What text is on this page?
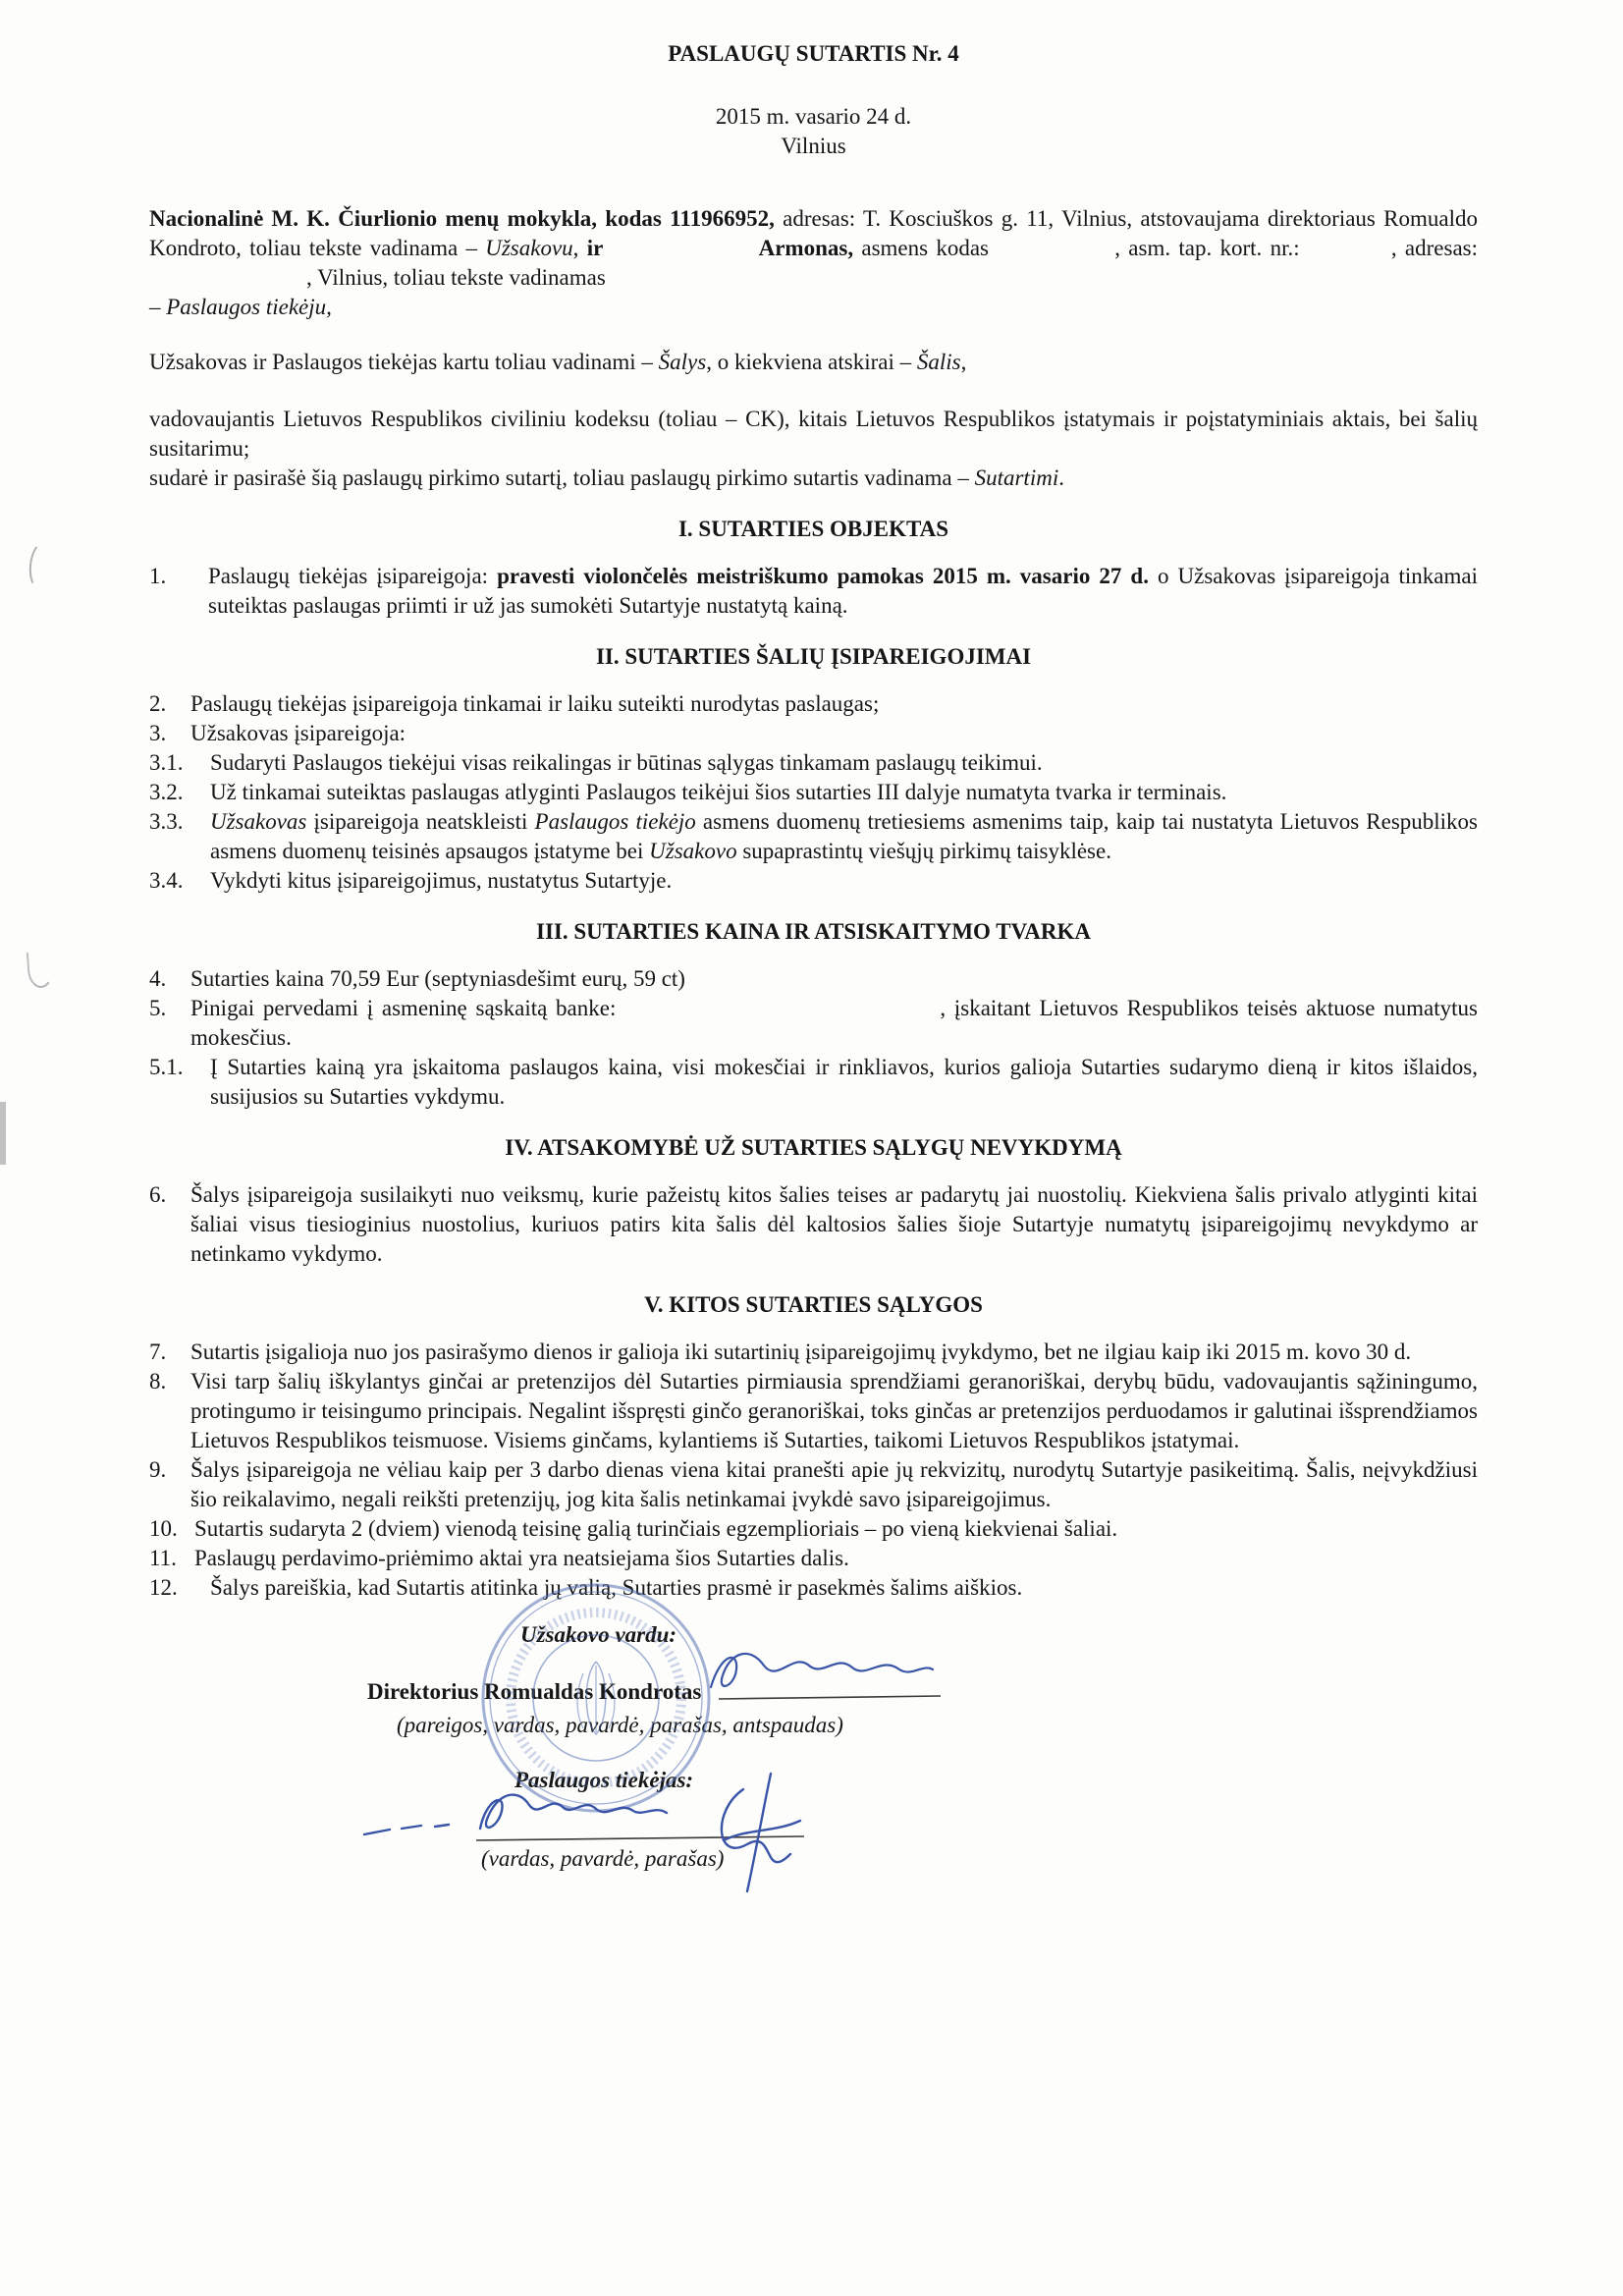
PASLAUGŲ SUTARTIS Nr. 4
2015 m. vasario 24 d.
Vilnius

Nacionalinė M. K. Čiurlionio menų mokykla, kodas 111966952, adresas: T. Kosciuškos g. 11, Vilnius, atstovaujama direktoriaus Romualdo Kondroto, toliau tekste vadinama – Užsakovu, ir	Armonas, asmens kodas	, asm. tap. kort. nr.:	, adresas: , Vilnius, toliau tekste vadinamas
– Paslaugos tiekėju,

Užsakovas ir Paslaugos tiekėjas kartu toliau vadinami – Šalys, o kiekviena atskirai – Šalis,

vadovaujantis Lietuvos Respublikos civiliniu kodeksu (toliau – CK), kitais Lietuvos Respublikos įstatymais ir poįstatyminiais aktais, bei šalių susitarimu;
sudarė ir pasirašė šią paslaugų pirkimo sutartį, toliau paslaugų pirkimo sutartis vadinama – Sutartimi.

I. SUTARTIES OBJEKTAS
1. Paslaugų tiekėjas įsipareigoja: pravesti violončelės meistriškumo pamokas 2015 m. vasario 27 d. o Užsakovas įsipareigoja tinkamai suteiktas paslaugas priimti ir už jas sumokėti Sutartyje nustatytą kainą.
II. SUTARTIES ŠALIŲ ĮSIPAREIGOJIMAI
2. Paslaugų tiekėjas įsipareigoja tinkamai ir laiku suteikti nurodytas paslaugas;
3. Užsakovas įsipareigoja:
3.1. Sudaryti Paslaugos tiekėjui visas reikalingas ir būtinas sąlygas tinkamam paslaugų teikimui.
3.2. Už tinkamai suteiktas paslaugas atlyginti Paslaugos teikėjui šios sutarties III dalyje numatyta tvarka ir terminais.
3.3. Užsakovas įsipareigoja neatskleisti Paslaugos tiekėjo asmens duomenų tretiesiems asmenims taip, kaip tai nustatyta Lietuvos Respublikos asmens duomenų teisinės apsaugos įstatyme bei Užsakovo supaprastintų viešųjų pirkimų taisyklėse.
3.4. Vykdyti kitus įsipareigojimus, nustatytus Sutartyje.
III. SUTARTIES KAINA IR ATSISKAITYMO TVARKA
4. Sutarties kaina 70,59 Eur (septyniasdešimt eurų, 59 ct)
5. Pinigai pervedami į asmeninę sąskaitą banke:	, įskaitant Lietuvos Respublikos teisės aktuose numatytus mokesčius.
5.1. Į Sutarties kainą yra įskaitoma paslaugos kaina, visi mokesčiai ir rinkliavos, kurios galioja Sutarties sudarymo dieną ir kitos išlaidos, susijusios su Sutarties vykdymu.
IV. ATSAKOMYBĖ UŽ SUTARTIES SĄLYGŲ NEVYKDYMĄ
6. Šalys įsipareigoja susilaikyti nuo veiksmų, kurie pažeistų kitos šalies teises ar padarytų jai nuostolių. Kiekviena šalis privalo atlyginti kitai šaliai visus tiesioginius nuostolius, kuriuos patirs kita šalis dėl kaltosios šalies šioje Sutartyje numatytų įsipareigojimų nevykdymo ar netinkamo vykdymo.
V. KITOS SUTARTIES SĄLYGOS
7. Sutartis įsigalioja nuo jos pasirašymo dienos ir galioja iki sutartinių įsipareigojimų įvykdymo, bet ne ilgiau kaip iki 2015 m. kovo 30 d.
8. Visi tarp šalių iškylantys ginčai ar pretenzijos dėl Sutarties pirmiausia sprendžiami geranoriškai, derybų būdu, vadovaujantis sąžiningumo, protingumo ir teisingumo principais. Negalint išspręsti ginčo geranoriškai, toks ginčas ar pretenzijos perduodamos ir galutinai išsprendžiamos Lietuvos Respublikos teismuose. Visiems ginčams, kylantiems iš Sutarties, taikomi Lietuvos Respublikos įstatymai.
9. Šalys įsipareigoja ne vėliau kaip per 3 darbo dienas viena kitai pranešti apie jų rekvizitų, nurodytų Sutartyje pasikeitimą. Šalis, neįvykdžiusi šio reikalavimo, negali reikšti pretenzijų, jog kita šalis netinkamai įvykdė savo įsipareigojimus.
10. Sutartis sudaryta 2 (dviem) vienodą teisinę galią turinčiais egzemplioriais – po vieną kiekvienai šaliai.
11. Paslaugų perdavimo-priėmimo aktai yra neatsiejama šios Sutarties dalis.
12. Šalys pareiškia, kad Sutartis atitinka jų valią, Sutarties prasmė ir pasekmės šalims aiškios.
Užsakovo vardu:
Direktorius Romualdas Kondrotas
(pareigos, vardas, pavardė, parašas, antspaudas)
Paslaugos tiekėjas:
(vardas, pavardė, parašas)
